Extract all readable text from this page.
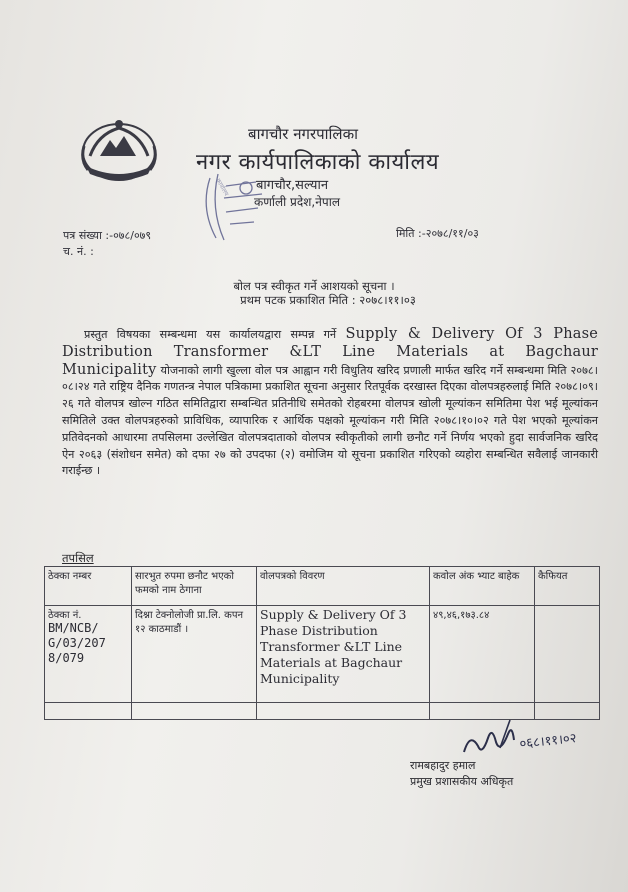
बागचौर नगरपालिका
नगर कार्यपालिकाको कार्यालय
बागचौर,सल्यान
कर्णाली प्रदेश,नेपाल
कार्यालय
पत्र संख्या :-०७८/०७९
च. नं. :
मिति :-२०७८/११/०३
बोल पत्र स्वीकृत गर्ने आशयको सूचना ।
प्रथम पटक प्रकाशित मिति : २०७८।११।०३
प्रस्तुत विषयका सम्बन्धमा यस कार्यालयद्वारा सम्पन्न गर्ने Supply & Delivery Of 3 Phase Distribution Transformer &LT Line Materials at Bagchaur Municipality योजनाको लागी खुल्ला वोल पत्र आह्वान गरी विधुतिय खरिद प्रणाली मार्फत खरिद गर्ने सम्बन्धमा मिति २०७८।०८।२४ गते राष्ट्रिय दैनिक गणतन्त्र नेपाल पत्रिकामा प्रकाशित सूचना अनुसार रितपूर्वक दरखास्त दिएका वोलपत्रहरुलाई मिति २०७८।०९।२६ गते वोलपत्र खोल्न गठित समितिद्वारा सम्बन्धित प्रतिनीधि समेतको रोहबरमा वोलपत्र खोली मूल्यांकन समितिमा पेश भई मूल्यांकन समितिले उक्त वोलपत्रहरुको प्राविधिक, व्यापारिक र आर्थिक पक्षको मूल्यांकन गरी मिति २०७८।१०।०२ गते पेश भएको मूल्यांकन प्रतिवेदनको आधारमा तपसिलमा उल्लेखित वोलपत्रदाताको वोलपत्र स्वीकृतीको लागी छनौट गर्ने निर्णय भएको हुदा सार्वजनिक खरिद ऐन २०६३ (संशोधन समेत) को दफा २७ को उपदफा (२) वमोजिम यो सूचना प्रकाशित गरिएको व्यहोरा सम्बन्धित सवैलाई जानकारी गराईन्छ ।
तपसिल
ठेक्का नम्बर	सारभुत रुपमा छनौट भएको फमको नाम ठेगाना	वोलपत्रको विवरण	कवोल अंक भ्याट बाहेक	कैफियत

ठेक्का नं.
BM/NCB/ G/03/207 8/079	दिश्ना टेक्नोलोजी प्रा.लि. कपन १२ काठमाडौं ।	Supply & Delivery Of 3 Phase Distribution Transformer &LT Line Materials at Bagchaur Municipality	४९,४६,१७३.८४	

०६८।११।०२
रामबहादुर हमाल
प्रमुख प्रशासकीय अधिकृत
